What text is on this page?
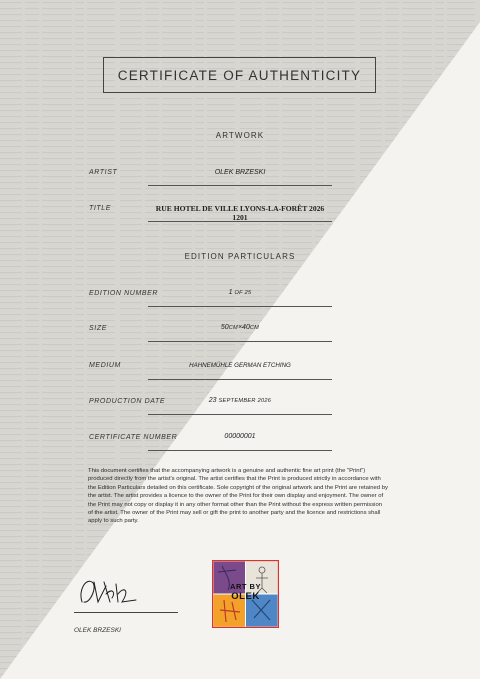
CERTIFICATE OF AUTHENTICITY
ARTWORK
ARTIST	OLEK BRZESKI
TITLE	RUE HOTEL DE VILLE LYONS-LA-FORÊT 2026 1201
EDITION PARTICULARS
EDITION NUMBER	1 OF 25
SIZE	50CM×40CM
MEDIUM	HAHNEMÜHLE GERMAN ETCHING
PRODUCTION DATE	23 SEPTEMBER 2026
CERTIFICATE NUMBER	00000001
This document certifies that the accompanying artwork is a genuine and authentic fine art print (the "Print") produced directly from the artist's original. The artist certifies that the Print is produced strictly in accordance with the Edition Particulars detailed on this certificate. Sole copyright of the original artwork and the Print are retained by the artist. The artist provides a licence to the owner of the Print for their own display and enjoyment. The owner of the Print may not copy or display it in any other format other than the Print without the express written permission of the artist. The owner of the Print may sell or gift the print to another party and the licence and restrictions shall apply to such party.
OLEK BRZESKI
ART BY
OLEK
